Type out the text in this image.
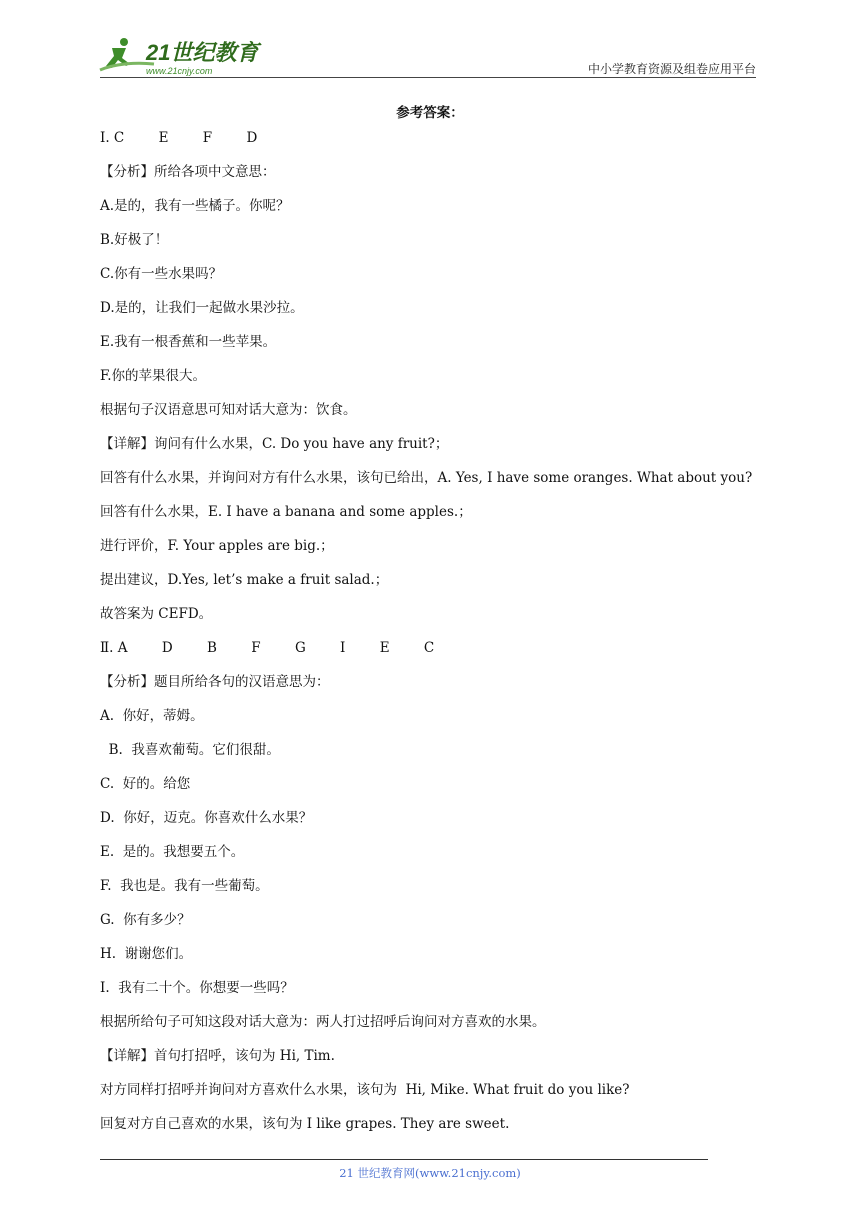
21世纪教育
www.21cnjy.com	中小学教育资源及组卷应用平台
参考答案：
Ⅰ. C        E        F        D
【分析】所给各项中文意思：
A.是的，我有一些橘子。你呢？
B.好极了！
C.你有一些水果吗？
D.是的，让我们一起做水果沙拉。
E.我有一根香蕉和一些苹果。
F.你的苹果很大。
根据句子汉语意思可知对话大意为：饮食。
【详解】询问有什么水果，C. Do you have any fruit?；
回答有什么水果，并询问对方有什么水果，该句已给出，A. Yes, I have some oranges. What about you?
回答有什么水果，E. I have a banana and some apples.；
进行评价，F. Your apples are big.；
提出建议，D.Yes, let’s make a fruit salad.；
故答案为 CEFD。
Ⅱ. A        D        B        F        G        I        E        C
【分析】题目所给各句的汉语意思为：
A.  你好，蒂姆。
B.  我喜欢葡萄。它们很甜。
C.  好的。给您
D.  你好，迈克。你喜欢什么水果？
E.  是的。我想要五个。
F.  我也是。我有一些葡萄。
G.  你有多少？
H.  谢谢您们。
I.  我有二十个。你想要一些吗？
根据所给句子可知这段对话大意为：两人打过招呼后询问对方喜欢的水果。
【详解】首句打招呼，该句为 Hi, Tim.
对方同样打招呼并询问对方喜欢什么水果，该句为  Hi, Mike. What fruit do you like?
回复对方自己喜欢的水果，该句为 I like grapes. They are sweet.
21 世纪教育网(www.21cnjy.com)
